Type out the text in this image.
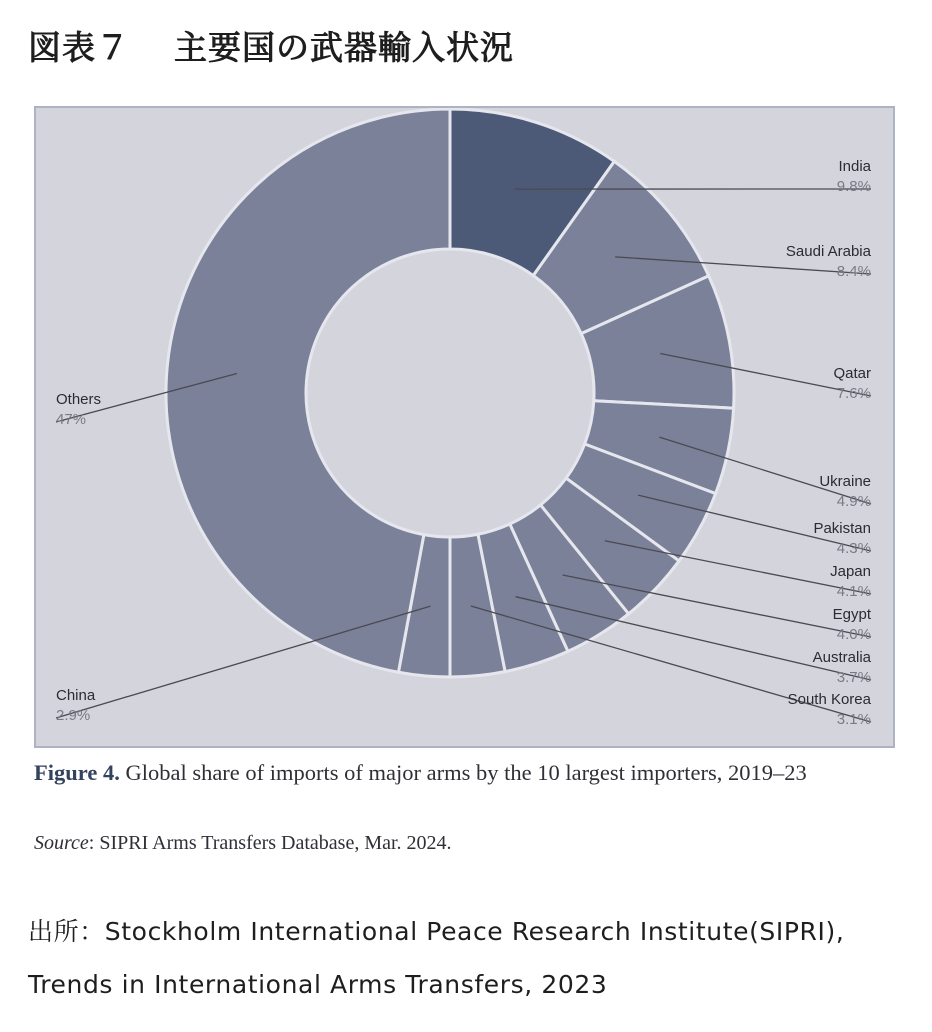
図表７ 主要国の武器輸入状況
India
9.8%
Saudi Arabia
8.4%
Qatar
7.6%
Ukraine
4.9%
Pakistan
4.3%
Japan
4.1%
Egypt
4.0%
Australia
3.7%
South Korea
3.1%
China
2.9%
Others
47%
Figure 4. Global share of imports of major arms by the 10 largest importers, 2019–23
Source: SIPRI Arms Transfers Database, Mar. 2024.
出所：Stockholm International Peace Research Institute(SIPRI), Trends in International Arms Transfers, 2023
